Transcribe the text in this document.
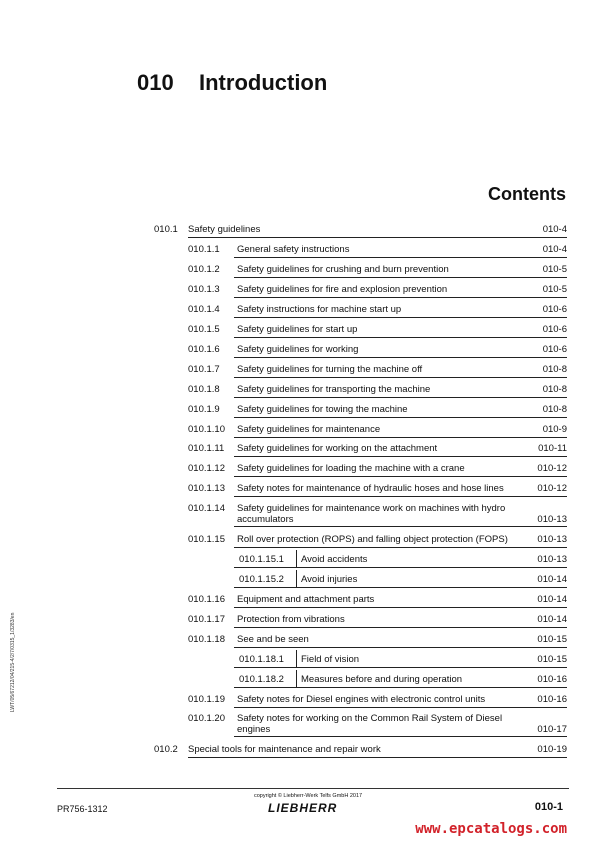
010 Introduction
Contents
010.1 Safety guidelines	010-4
010.1.1 General safety instructions	010-4
010.1.2 Safety guidelines for crushing and burn prevention	010-5
010.1.3 Safety guidelines for fire and explosion prevention	010-5
010.1.4 Safety instructions for machine start up	010-6
010.1.5 Safety guidelines for start up	010-6
010.1.6 Safety guidelines for working	010-6
010.1.7 Safety guidelines for turning the machine off	010-8
010.1.8 Safety guidelines for transporting the machine	010-8
010.1.9 Safety guidelines for towing the machine	010-8
010.1.10 Safety guidelines for maintenance	010-9
010.1.11 Safety guidelines for working on the attachment	010-11
010.1.12 Safety guidelines for loading the machine with a crane	010-12
010.1.13 Safety notes for maintenance of hydraulic hoses and hose lines	010-12
010.1.14 Safety guidelines for maintenance work on machines with hydro accumulators	010-13
010.1.15 Roll over protection (ROPS) and falling object protection (FOPS)	010-13
010.1.15.1 Avoid accidents	010-13
010.1.15.2 Avoid injuries	010-14
010.1.16 Equipment and attachment parts	010-14
010.1.17 Protection from vibrations	010-14
010.1.18 See and be seen	010-15
010.1.18.1 Field of vision	010-15
010.1.18.2 Measures before and during operation	010-16
010.1.19 Safety notes for Diesel engines with electronic control units	010-16
010.1.20 Safety notes for working on the Common Rail System of Diesel engines	010-17
010.2 Special tools for maintenance and repair work	010-19
LWT/05/67212/04/215-4/2/7/0315_1/3283/en
PR756-1312
copyright © Liebherr-Werk Telfs GmbH 2017
LIEBHERR	010-1
www.epcatalogs.com
